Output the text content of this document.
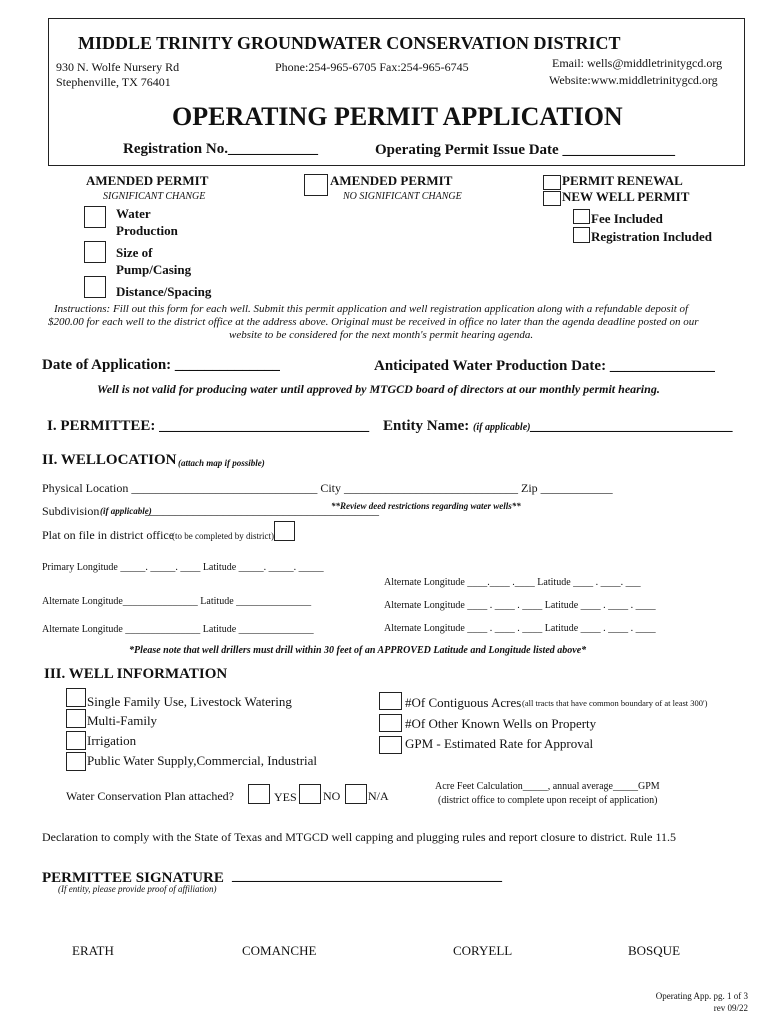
MIDDLE TRINITY GROUNDWATER CONSERVATION DISTRICT
930 N. Wolfe Nursery Rd
Stephenville, TX 76401
Phone:254-965-6705 Fax:254-965-6745	Email: wells@middletrinitygcd.org
Website:www.middletrinitygcd.org
OPERATING PERMIT APPLICATION
Registration No.____________	Operating Permit Issue Date _______________
AMENDED PERMIT
SIGNIFICANT CHANGE
Water
Production
Size of
Pump/Casing
Distance/Spacing
AMENDED PERMIT
NO SIGNIFICANT CHANGE
PERMIT RENEWAL
NEW WELL PERMIT
Fee Included
Registration Included
Instructions: Fill out this form for each well. Submit this permit application and well registration application along with a refundable deposit of
$200.00 for each well to the district office at the address above. Original must be received in office no later than the agenda deadline posted on our
website to be considered for the next month's permit hearing agenda.
Date of Application: ______________	Anticipated Water Production Date: ______________
Well is not valid for producing water until approved by MTGCD board of directors at our monthly permit hearing.
I. PERMITTEE: ____________________________ Entity Name: (if applicable) ___________________________
II. WELLOCATION (attach map if possible)
Physical Location _______________________________ City _____________________________ Zip ____________
Subdivision (if applicable)
_______________________________________
**Review deed restrictions regarding water wells**
Plat on file in district office
(to be completed by district)
Primary Longitude _____. _____. ____ Latitude _____. _____. _____
Alternate Longitude ____.____ .____ Latitude ____ . ____. ___
Alternate Longitude_______________ Latitude _______________	Alternate Longitude ____ . ____ . ____ Latitude ____ . ____ . ____
Alternate Longitude _______________ Latitude _______________	Alternate Longitude ____ . ____ . ____ Latitude ____ . ____ . ____
*Please note that well drillers must drill within 30 feet of an APPROVED Latitude and Longitude listed above*
III. WELL INFORMATION
Single Family Use, Livestock Watering
Multi-Family
Irrigation
Public Water Supply,Commercial, Industrial
#Of Contiguous Acres (all tracts that have common boundary of at least 300')
#Of Other Known Wells on Property
GPM - Estimated Rate for Approval
Water Conservation Plan attached?	YES NO N/A
Acre Feet Calculation_____, annual average_____GPM
(district office to complete upon receipt of application)
Declaration to comply with the State of Texas and MTGCD well capping and plugging rules and report closure to district. Rule 11.5
PERMITTEE SIGNATURE ____________________________________
(If entity, please provide proof of affiliation)
ERATH	COMANCHE	CORYELL	BOSQUE
Operating App. pg. 1 of 3
rev 09/22
